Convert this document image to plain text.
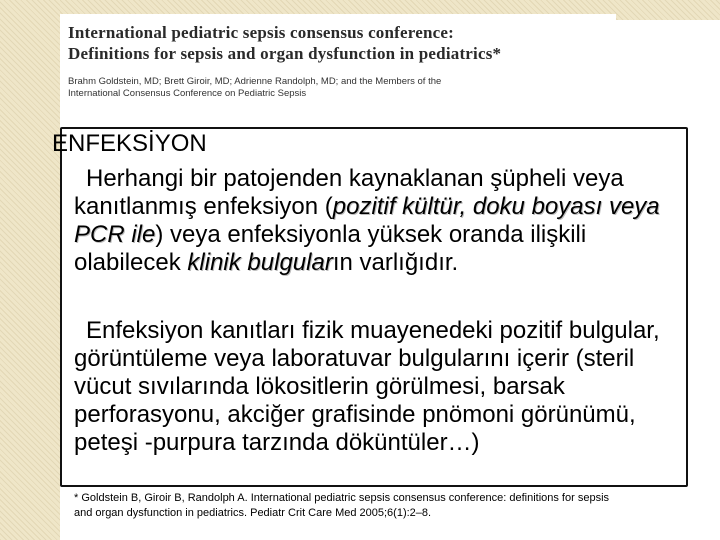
International pediatric sepsis consensus conference:
Definitions for sepsis and organ dysfunction in pediatrics*
Brahm Goldstein, MD; Brett Giroir, MD; Adrienne Randolph, MD; and the Members of the
International Consensus Conference on Pediatric Sepsis
ENFEKSİYON

Herhangi bir patojenden kaynaklanan şüpheli veya kanıtlanmış enfeksiyon (pozitif kültür, doku boyası veya PCR ile) veya enfeksiyonla yüksek oranda ilişkili olabilecek klinik bulguların varlığıdır.

Enfeksiyon kanıtları fizik muayenedeki pozitif bulgular, görüntüleme veya laboratuvar bulgularını içerir (steril vücut sıvılarında lökositlerin görülmesi, barsak perforasyonu, akciğer grafisinde pnömoni görünümü, peteşi -purpura tarzında döküntüler…)

* Goldstein B, Giroir B, Randolph A. International pediatric sepsis consensus conference: definitions for sepsis
and organ dysfunction in pediatrics. Pediatr Crit Care Med 2005;6(1):2–8.
